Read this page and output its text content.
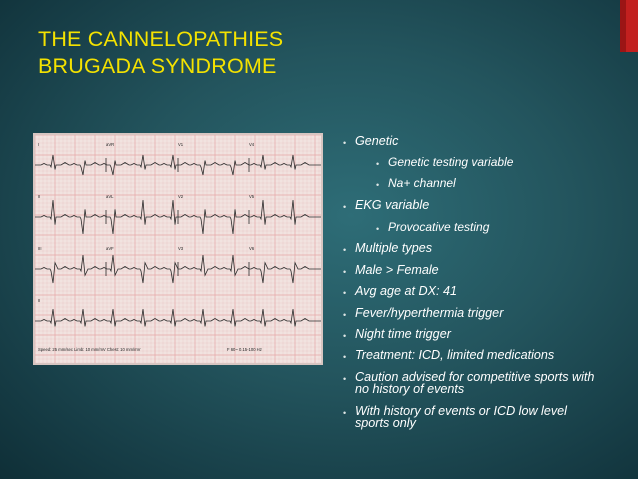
THE CANNELOPATHIES
BRUGADA SYNDROME
I	aVR	V1	V4
II	aVL	V2	V5
III	aVF	V3	V6
II
Speed: 25 mm/sec Limb: 10 mm/mV Chest: 10 mm/mV	F 60~ 0.15-100 Hz
• Genetic
• Genetic testing variable
• Na+ channel
• EKG variable
• Provocative testing
• Multiple types
• Male > Female
• Avg age at DX: 41
• Fever/hyperthermia trigger
• Night time trigger
• Treatment: ICD, limited medications
• Caution advised for competitive sports with no history of events
• With history of events or ICD low level sports only
